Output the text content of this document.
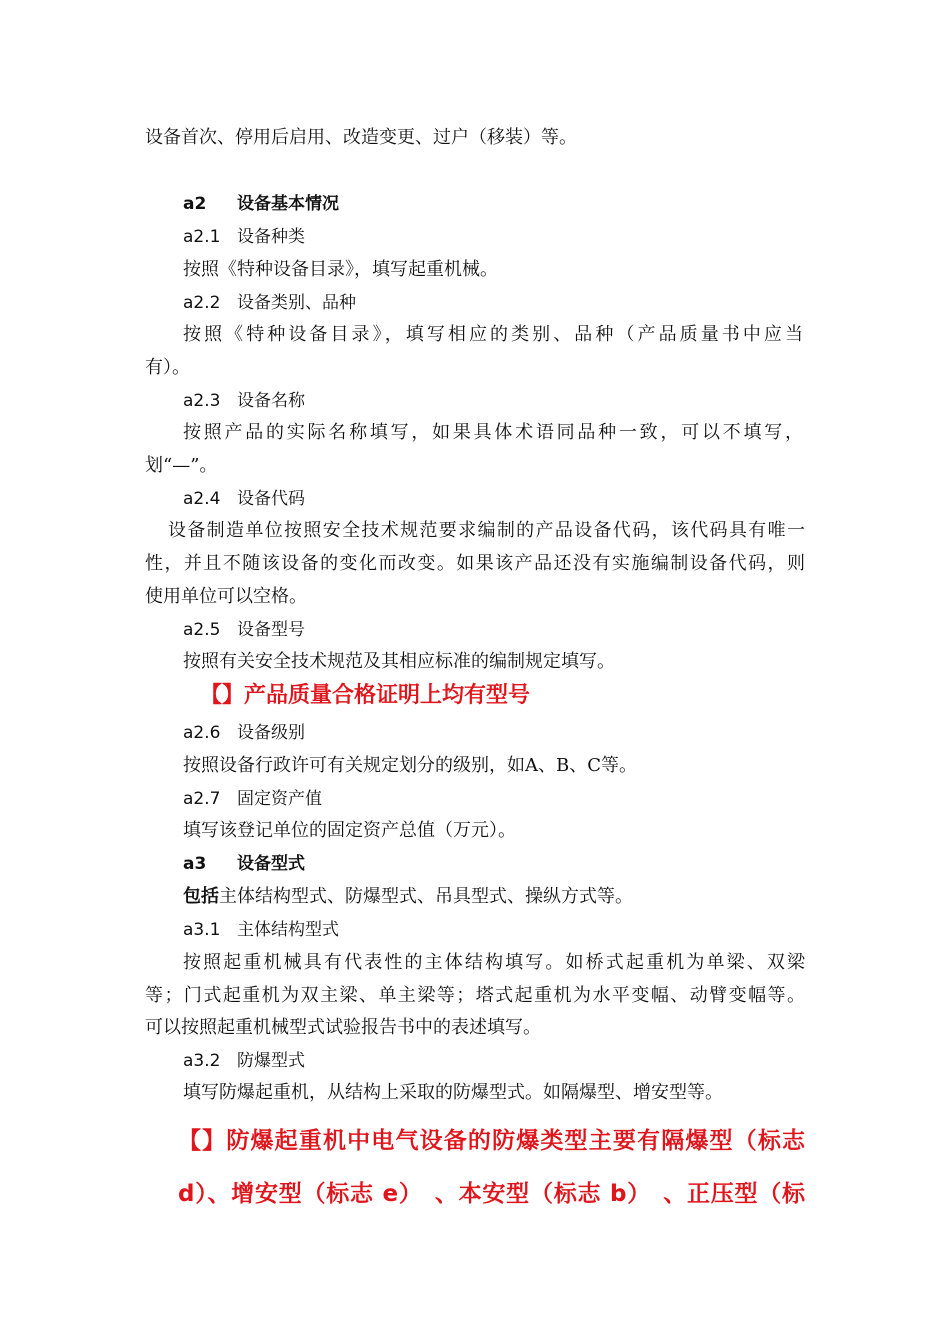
设备首次、停用后启用、改造变更、过户（移装）等。
a2 设备基本情况
a2.1 设备种类
按照《特种设备目录》，填写起重机械。
a2.2 设备类别、品种
按照《特种设备目录》，填写相应的类别、品种（产品质量书中应当
有）。
a2.3 设备名称
按照产品的实际名称填写，如果具体术语同品种一致，可以不填写，
划“—”。
a2.4 设备代码
设备制造单位按照安全技术规范要求编制的产品设备代码，该代码具有唯一
性，并且不随该设备的变化而改变。如果该产品还没有实施编制设备代码，则
使用单位可以空格。
a2.5 设备型号
按照有关安全技术规范及其相应标准的编制规定填写。
【】产品质量合格证明上均有型号
a2.6 设备级别
按照设备行政许可有关规定划分的级别，如A、B、C等。
a2.7 固定资产值
填写该登记单位的固定资产总值（万元）。
a3 设备型式
包括主体结构型式、防爆型式、吊具型式、操纵方式等。
a3.1 主体结构型式
按照起重机械具有代表性的主体结构填写。如桥式起重机为单梁、双梁
等；门式起重机为双主梁、单主梁等；塔式起重机为水平变幅、动臂变幅等。
可以按照起重机械型式试验报告书中的表述填写。
a3.2 防爆型式
填写防爆起重机，从结构上采取的防爆型式。如隔爆型、增安型等。
【】防爆起重机中电气设备的防爆类型主要有隔爆型（标志
d）、增安型（标志 e）　、本安型（标志 b）　、正压型（标
